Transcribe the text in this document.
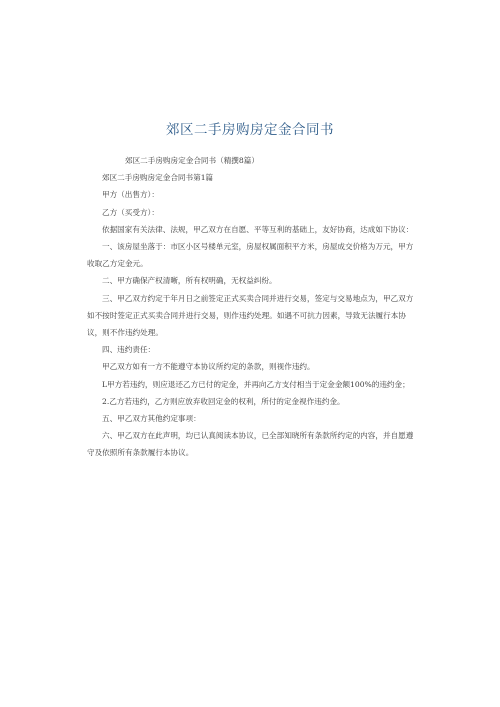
郊区二手房购房定金合同书

郊区二手房购房定金合同书（精撰8篇）

郊区二手房购房定金合同书第1篇

甲方（出售方）：

乙方（买受方）：

依据国家有关法律、法规，甲乙双方在自愿、平等互利的基础上，友好协商，达成如下协议：

一、该房屋坐落于：市区小区号楼单元室，房屋权属面积平方米，房屋成交价格为万元，甲方收取乙方定金元。

二、甲方确保产权清晰，所有权明确，无权益纠纷。

三、甲乙双方约定于年月日之前签定正式买卖合同并进行交易，签定与交易地点为，甲乙双方如不按时签定正式买卖合同并进行交易，则作违约处理。如遇不可抗力因素，导致无法履行本协议，则不作违约处理。

四、违约责任：

甲乙双方如有一方不能遵守本协议所约定的条款，则视作违约。

L甲方若违约，则应退还乙方已付的定金，并再向乙方支付相当于定金金额100%的违约金；

2.乙方若违约，乙方则应放弃收回定金的权利，所付的定金视作违约金。

五、甲乙双方其他约定事项：

六、甲乙双方在此声明，均已认真阅读本协议，已全部知晓所有条款所约定的内容，并自愿遵守及依照所有条款履行本协议。
